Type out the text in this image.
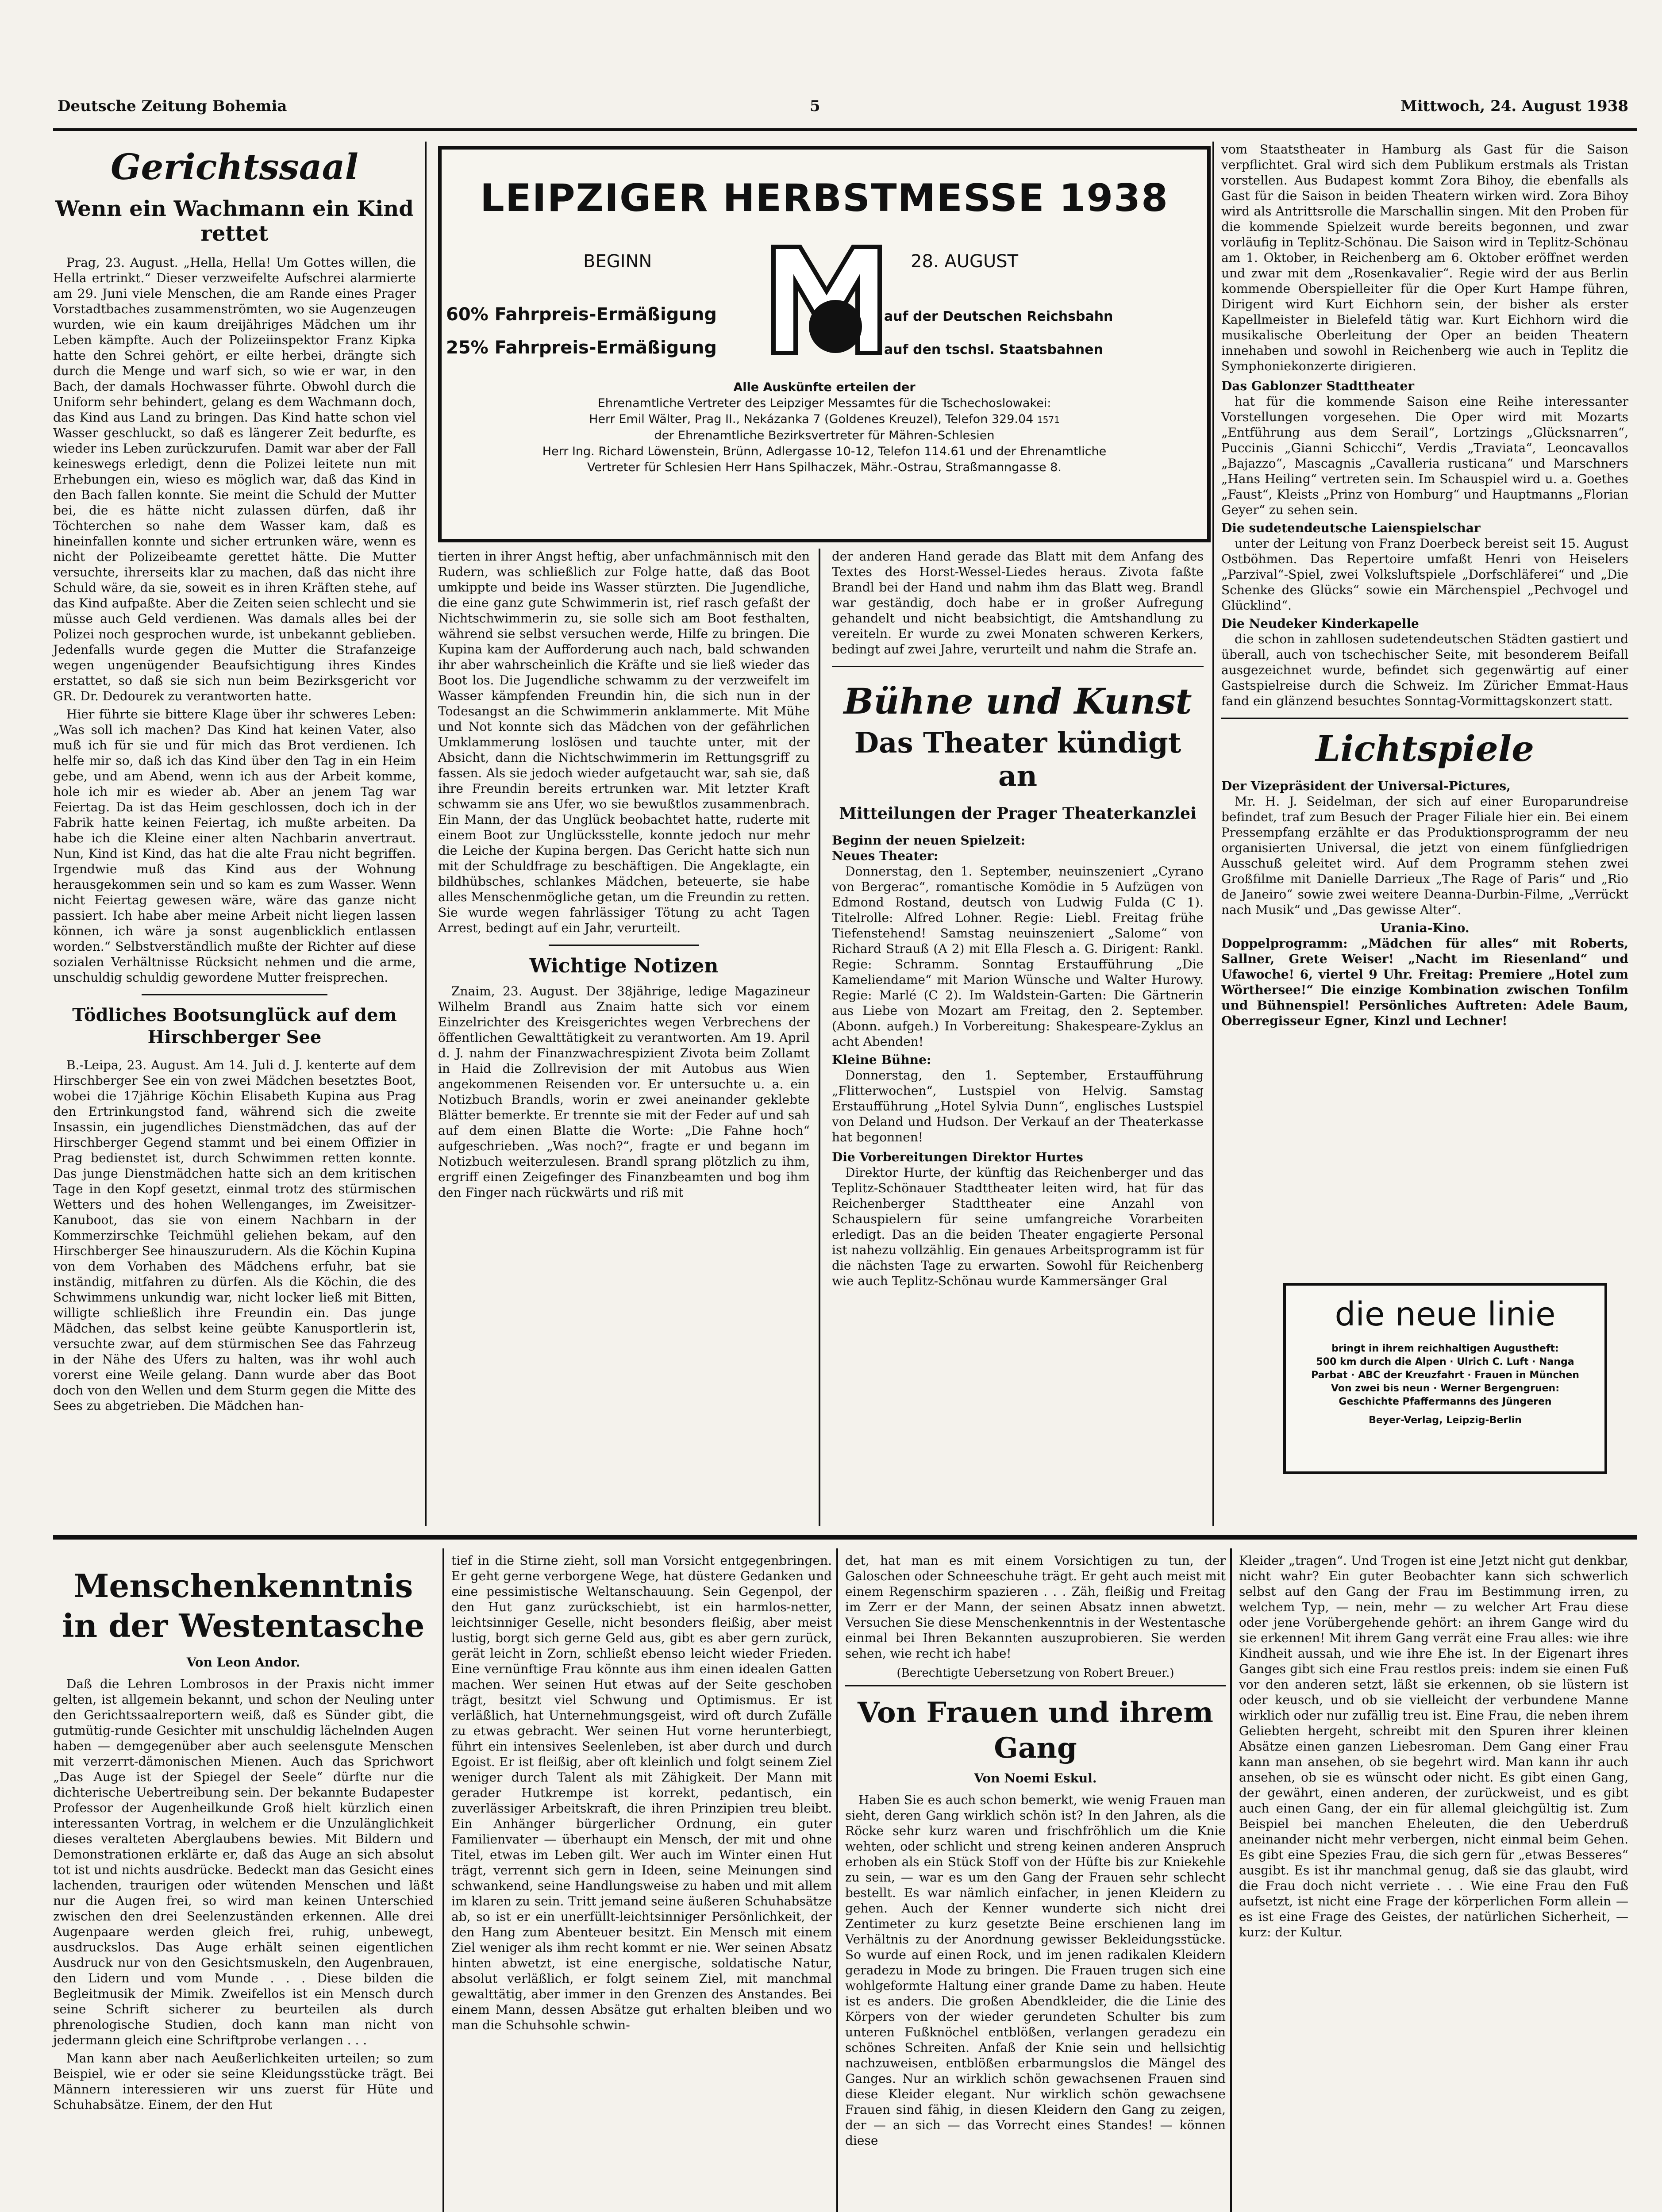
Deutsche Zeitung Bohemia	5	Mittwoch, 24. August 1938
Gerichtssaal
Wenn ein Wachmann ein Kind rettet

Prag, 23. August. „Hella, Hella! Um Gottes willen, die Hella ertrinkt.“ Dieser verzweifelte Aufschrei alarmierte am 29. Juni viele Menschen, die am Rande eines Prager Vorstadtbaches zusammenströmten, wo sie Augenzeugen wurden, wie ein kaum dreijähriges Mädchen um ihr Leben kämpfte. Auch der Polizeiinspektor Franz Kipka hatte den Schrei gehört, er eilte herbei, drängte sich durch die Menge und warf sich, so wie er war, in den Bach, der damals Hochwasser führte. Obwohl durch die Uniform sehr behindert, gelang es dem Wachmann doch, das Kind aus Land zu bringen. Das Kind hatte schon viel Wasser geschluckt, so daß es längerer Zeit bedurfte, es wieder ins Leben zurückzurufen. Damit war aber der Fall keineswegs erledigt, denn die Polizei leitete nun mit Erhebungen ein, wieso es möglich war, daß das Kind in den Bach fallen konnte. Sie meint die Schuld der Mutter bei, die es hätte nicht zulassen dürfen, daß ihr Töchterchen so nahe dem Wasser kam, daß es hineinfallen konnte und sicher ertrunken wäre, wenn es nicht der Polizeibeamte gerettet hätte. Die Mutter versuchte, ihrerseits klar zu machen, daß das nicht ihre Schuld wäre, da sie, soweit es in ihren Kräften stehe, auf das Kind aufpaßte. Aber die Zeiten seien schlecht und sie müsse auch Geld verdienen. Was damals alles bei der Polizei noch gesprochen wurde, ist unbekannt geblieben. Jedenfalls wurde gegen die Mutter die Strafanzeige wegen ungenügender Beaufsichtigung ihres Kindes erstattet, so daß sie sich nun beim Bezirksgericht vor GR. Dr. Dedourek zu verantworten hatte.

Hier führte sie bittere Klage über ihr schweres Leben: „Was soll ich machen? Das Kind hat keinen Vater, also muß ich für sie und für mich das Brot verdienen. Ich helfe mir so, daß ich das Kind über den Tag in ein Heim gebe, und am Abend, wenn ich aus der Arbeit komme, hole ich mir es wieder ab. Aber an jenem Tag war Feiertag. Da ist das Heim geschlossen, doch ich in der Fabrik hatte keinen Feiertag, ich mußte arbeiten. Da habe ich die Kleine einer alten Nachbarin anvertraut. Nun, Kind ist Kind, das hat die alte Frau nicht begriffen. Irgendwie muß das Kind aus der Wohnung herausgekommen sein und so kam es zum Wasser. Wenn nicht Feiertag gewesen wäre, wäre das ganze nicht passiert. Ich habe aber meine Arbeit nicht liegen lassen können, ich wäre ja sonst augenblicklich entlassen worden.“ Selbstverständlich mußte der Richter auf diese sozialen Verhältnisse Rücksicht nehmen und die arme, unschuldig schuldig gewordene Mutter freisprechen.

Tödliches Bootsunglück auf dem Hirschberger See

B.-Leipa, 23. August. Am 14. Juli d. J. kenterte auf dem Hirschberger See ein von zwei Mädchen besetztes Boot, wobei die 17jährige Köchin Elisabeth Kupina aus Prag den Ertrinkungstod fand, während sich die zweite Insassin, ein jugendliches Dienstmädchen, das auf der Hirschberger Gegend stammt und bei einem Offizier in Prag bedienstet ist, durch Schwimmen retten konnte. Das junge Dienstmädchen hatte sich an dem kritischen Tage in den Kopf gesetzt, einmal trotz des stürmischen Wetters und des hohen Wellenganges, im Zweisitzer-Kanuboot, das sie von einem Nachbarn in der Kommerzirschke Teichmühl geliehen bekam, auf den Hirschberger See hinauszurudern. Als die Köchin Kupina von dem Vorhaben des Mädchens erfuhr, bat sie inständig, mitfahren zu dürfen. Als die Köchin, die des Schwimmens unkundig war, nicht locker ließ mit Bitten, willigte schließlich ihre Freundin ein. Das junge Mädchen, das selbst keine geübte Kanusportlerin ist, versuchte zwar, auf dem stürmischen See das Fahrzeug in der Nähe des Ufers zu halten, was ihr wohl auch vorerst eine Weile gelang. Dann wurde aber das Boot doch von den Wellen und dem Sturm gegen die Mitte des Sees zu abgetrieben. Die Mädchen han-

LEIPZIGER HERBSTMESSE 1938
BEGINN	28. AUGUST
60% Fahrpreis-Ermäßigung	auf der Deutschen Reichsbahn
25% Fahrpreis-Ermäßigung	auf den tschsl. Staatsbahnen
Alle Auskünfte erteilen der
Ehrenamtliche Vertreter des Leipziger Messamtes für die Tschechoslowakei:
Herr Emil Wälter, Prag II., Nekázanka 7 (Goldenes Kreuzel), Telefon 329.04 1571
der Ehrenamtliche Bezirksvertreter für Mähren-Schlesien
Herr Ing. Richard Löwenstein, Brünn, Adlergasse 10-12, Telefon 114.61 und der Ehrenamtliche
Vertreter für Schlesien Herr Hans Spilhaczek, Mähr.-Ostrau, Straßmanngasse 8.

tierten in ihrer Angst heftig, aber unfachmännisch mit den Rudern, was schließlich zur Folge hatte, daß das Boot umkippte und beide ins Wasser stürzten. Die Jugendliche, die eine ganz gute Schwimmerin ist, rief rasch gefaßt der Nichtschwimmerin zu, sie solle sich am Boot festhalten, während sie selbst versuchen werde, Hilfe zu bringen. Die Kupina kam der Aufforderung auch nach, bald schwanden ihr aber wahrscheinlich die Kräfte und sie ließ wieder das Boot los. Die Jugendliche schwamm zu der verzweifelt im Wasser kämpfenden Freundin hin, die sich nun in der Todesangst an die Schwimmerin anklammerte. Mit Mühe und Not konnte sich das Mädchen von der gefährlichen Umklammerung loslösen und tauchte unter, mit der Absicht, dann die Nichtschwimmerin im Rettungsgriff zu fassen. Als sie jedoch wieder aufgetaucht war, sah sie, daß ihre Freundin bereits ertrunken war. Mit letzter Kraft schwamm sie ans Ufer, wo sie bewußtlos zusammenbrach. Ein Mann, der das Unglück beobachtet hatte, ruderte mit einem Boot zur Unglücksstelle, konnte jedoch nur mehr die Leiche der Kupina bergen. Das Gericht hatte sich nun mit der Schuldfrage zu beschäftigen. Die Angeklagte, ein bildhübsches, schlankes Mädchen, beteuerte, sie habe alles Menschenmögliche getan, um die Freundin zu retten. Sie wurde wegen fahrlässiger Tötung zu acht Tagen Arrest, bedingt auf ein Jahr, verurteilt.

Wichtige Notizen

Znaim, 23. August. Der 38jährige, ledige Magazineur Wilhelm Brandl aus Znaim hatte sich vor einem Einzelrichter des Kreisgerichtes wegen Verbrechens der öffentlichen Gewalttätigkeit zu verantworten. Am 19. April d. J. nahm der Finanzwachrespizient Zivota beim Zollamt in Haid die Zollrevision der mit Autobus aus Wien angekommenen Reisenden vor. Er untersuchte u. a. ein Notizbuch Brandls, worin er zwei aneinander geklebte Blätter bemerkte. Er trennte sie mit der Feder auf und sah auf dem einen Blatte die Worte: „Die Fahne hoch“ aufgeschrieben. „Was noch?“, fragte er und begann im Notizbuch weiterzulesen. Brandl sprang plötzlich zu ihm, ergriff einen Zeigefinger des Finanzbeamten und bog ihm den Finger nach rückwärts und riß mit

der anderen Hand gerade das Blatt mit dem Anfang des Textes des Horst-Wessel-Liedes heraus. Zivota faßte Brandl bei der Hand und nahm ihm das Blatt weg. Brandl war geständig, doch habe er in großer Aufregung gehandelt und nicht beabsichtigt, die Amtshandlung zu vereiteln. Er wurde zu zwei Monaten schweren Kerkers, bedingt auf zwei Jahre, verurteilt und nahm die Strafe an.

Bühne und Kunst
Das Theater kündigt an
Mitteilungen der Prager Theaterkanzlei
Beginn der neuen Spielzeit:
Neues Theater:

Donnerstag, den 1. September, neuinszeniert „Cyrano von Bergerac“, romantische Komödie in 5 Aufzügen von Edmond Rostand, deutsch von Ludwig Fulda (C 1). Titelrolle: Alfred Lohner. Regie: Liebl. Freitag frühe Tiefenstehend! Samstag neuinszeniert „Salome“ von Richard Strauß (A 2) mit Ella Flesch a. G. Dirigent: Rankl. Regie: Schramm. Sonntag Erstaufführung „Die Kameliendame“ mit Marion Wünsche und Walter Hurowy. Regie: Marlé (C 2). Im Waldstein-Garten: Die Gärtnerin aus Liebe von Mozart am Freitag, den 2. September. (Abonn. aufgeh.) In Vorbereitung: Shakespeare-Zyklus an acht Abenden!

Kleine Bühne:

Donnerstag, den 1. September, Erstaufführung „Flitterwochen“, Lustspiel von Helvig. Samstag Erstaufführung „Hotel Sylvia Dunn“, englisches Lustspiel von Deland und Hudson. Der Verkauf an der Theaterkasse hat begonnen!

Die Vorbereitungen Direktor Hurtes

Direktor Hurte, der künftig das Reichenberger und das Teplitz-Schönauer Stadttheater leiten wird, hat für das Reichenberger Stadttheater eine Anzahl von Schauspielern für seine umfangreiche Vorarbeiten erledigt. Das an die beiden Theater engagierte Personal ist nahezu vollzählig. Ein genaues Arbeitsprogramm ist für die nächsten Tage zu erwarten. Sowohl für Reichenberg wie auch Teplitz-Schönau wurde Kammersänger Gral

vom Staatstheater in Hamburg als Gast für die Saison verpflichtet. Gral wird sich dem Publikum erstmals als Tristan vorstellen. Aus Budapest kommt Zora Bihoy, die ebenfalls als Gast für die Saison in beiden Theatern wirken wird. Zora Bihoy wird als Antrittsrolle die Marschallin singen. Mit den Proben für die kommende Spielzeit wurde bereits begonnen, und zwar vorläufig in Teplitz-Schönau. Die Saison wird in Teplitz-Schönau am 1. Oktober, in Reichenberg am 6. Oktober eröffnet werden und zwar mit dem „Rosenkavalier“. Regie wird der aus Berlin kommende Oberspielleiter für die Oper Kurt Hampe führen, Dirigent wird Kurt Eichhorn sein, der bisher als erster Kapellmeister in Bielefeld tätig war. Kurt Eichhorn wird die musikalische Oberleitung der Oper an beiden Theatern innehaben und sowohl in Reichenberg wie auch in Teplitz die Symphoniekonzerte dirigieren.

Das Gablonzer Stadttheater

hat für die kommende Saison eine Reihe interessanter Vorstellungen vorgesehen. Die Oper wird mit Mozarts „Entführung aus dem Serail“, Lortzings „Glücksnarren“, Puccinis „Gianni Schicchi“, Verdis „Traviata“, Leoncavallos „Bajazzo“, Mascagnis „Cavalleria rusticana“ und Marschners „Hans Heiling“ vertreten sein. Im Schauspiel wird u. a. Goethes „Faust“, Kleists „Prinz von Homburg“ und Hauptmanns „Florian Geyer“ zu sehen sein.

Die sudetendeutsche Laienspielschar

unter der Leitung von Franz Doerbeck bereist seit 15. August Ostböhmen. Das Repertoire umfaßt Henri von Heiselers „Parzival“-Spiel, zwei Volksluftspiele „Dorfschläferei“ und „Die Schenke des Glücks“ sowie ein Märchenspiel „Pechvogel und Glücklind“.

Die Neudeker Kinderkapelle

die schon in zahllosen sudetendeutschen Städten gastiert und überall, auch von tschechischer Seite, mit besonderem Beifall ausgezeichnet wurde, befindet sich gegenwärtig auf einer Gastspielreise durch die Schweiz. Im Züricher Emmat-Haus fand ein glänzend besuchtes Sonntag-Vormittagskonzert statt.

Lichtspiele
Der Vizepräsident der Universal-Pictures,

Mr. H. J. Seidelman, der sich auf einer Europarundreise befindet, traf zum Besuch der Prager Filiale hier ein. Bei einem Pressempfang erzählte er das Produktionsprogramm der neu organisierten Universal, die jetzt von einem fünfgliedrigen Ausschuß geleitet wird. Auf dem Programm stehen zwei Großfilme mit Danielle Darrieux „The Rage of Paris“ und „Rio de Janeiro“ sowie zwei weitere Deanna-Durbin-Filme, „Verrückt nach Musik“ und „Das gewisse Alter“.

Urania-Kino.

Doppelprogramm: „Mädchen für alles“ mit Roberts, Sallner, Grete Weiser! „Nacht im Riesenland“ und Ufawoche! 6, viertel 9 Uhr. Freitag: Premiere „Hotel zum Wörthersee!“ Die einzige Kombination zwischen Tonfilm und Bühnenspiel! Persönliches Auftreten: Adele Baum, Oberregisseur Egner, Kinzl und Lechner!

die neue linie
bringt in ihrem reichhaltigen Augustheft:
500 km durch die Alpen · Ulrich C. Luft · Nanga
Parbat · ABC der Kreuzfahrt · Frauen in München
Von zwei bis neun · Werner Bergengruen:
Geschichte Pfaffermanns des Jüngeren
Beyer-Verlag, Leipzig-Berlin
Menschenkenntnis in der Westentasche
Von Leon Andor.

Daß die Lehren Lombrosos in der Praxis nicht immer gelten, ist allgemein bekannt, und schon der Neuling unter den Gerichtssaalreportern weiß, daß es Sünder gibt, die gutmütig-runde Gesichter mit unschuldig lächelnden Augen haben — demgegenüber aber auch seelensgute Menschen mit verzerrt-dämonischen Mienen. Auch das Sprichwort „Das Auge ist der Spiegel der Seele“ dürfte nur die dichterische Uebertreibung sein. Der bekannte Budapester Professor der Augenheilkunde Groß hielt kürzlich einen interessanten Vortrag, in welchem er die Unzulänglichkeit dieses veralteten Aberglaubens bewies. Mit Bildern und Demonstrationen erklärte er, daß das Auge an sich absolut tot ist und nichts ausdrücke. Bedeckt man das Gesicht eines lachenden, traurigen oder wütenden Menschen und läßt nur die Augen frei, so wird man keinen Unterschied zwischen den drei Seelenzuständen erkennen. Alle drei Augenpaare werden gleich frei, ruhig, unbewegt, ausdruckslos. Das Auge erhält seinen eigentlichen Ausdruck nur von den Gesichtsmuskeln, den Augenbrauen, den Lidern und vom Munde . . . Diese bilden die Begleitmusik der Mimik. Zweifellos ist ein Mensch durch seine Schrift sicherer zu beurteilen als durch phrenologische Studien, doch kann man nicht von jedermann gleich eine Schriftprobe verlangen . . .

Man kann aber nach Aeußerlichkeiten urteilen; so zum Beispiel, wie er oder sie seine Kleidungsstücke trägt. Bei Männern interessieren wir uns zuerst für Hüte und Schuhabsätze. Einem, der den Hut

tief in die Stirne zieht, soll man Vorsicht entgegenbringen. Er geht gerne verborgene Wege, hat düstere Gedanken und eine pessimistische Weltanschauung. Sein Gegenpol, der den Hut ganz zurückschiebt, ist ein harmlos-netter, leichtsinniger Geselle, nicht besonders fleißig, aber meist lustig, borgt sich gerne Geld aus, gibt es aber gern zurück, gerät leicht in Zorn, schließt ebenso leicht wieder Frieden. Eine vernünftige Frau könnte aus ihm einen idealen Gatten machen. Wer seinen Hut etwas auf der Seite geschoben trägt, besitzt viel Schwung und Optimismus. Er ist verläßlich, hat Unternehmungsgeist, wird oft durch Zufälle zu etwas gebracht. Wer seinen Hut vorne herunterbiegt, führt ein intensives Seelenleben, ist aber durch und durch Egoist. Er ist fleißig, aber oft kleinlich und folgt seinem Ziel weniger durch Talent als mit Zähigkeit. Der Mann mit gerader Hutkrempe ist korrekt, pedantisch, ein zuverlässiger Arbeitskraft, die ihren Prinzipien treu bleibt. Ein Anhänger bürgerlicher Ordnung, ein guter Familienvater — überhaupt ein Mensch, der mit und ohne Titel, etwas im Leben gilt. Wer auch im Winter einen Hut trägt, verrennt sich gern in Ideen, seine Meinungen sind schwankend, seine Handlungsweise zu haben und mit allem im klaren zu sein. Tritt jemand seine äußeren Schuhabsätze ab, so ist er ein unerfüllt-leichtsinniger Persönlichkeit, der den Hang zum Abenteuer besitzt. Ein Mensch mit einem Ziel weniger als ihm recht kommt er nie. Wer seinen Absatz hinten abwetzt, ist eine energische, soldatische Natur, absolut verläßlich, er folgt seinem Ziel, mit manchmal gewalttätig, aber immer in den Grenzen des Anstandes. Bei einem Mann, dessen Absätze gut erhalten bleiben und wo man die Schuhsohle schwin-

det, hat man es mit einem Vorsichtigen zu tun, der Galoschen oder Schneeschuhe trägt. Er geht auch meist mit einem Regenschirm spazieren . . . Zäh, fleißig und Freitag im Zerr er der Mann, der seinen Absatz innen abwetzt. Versuchen Sie diese Menschenkenntnis in der Westentasche einmal bei Ihren Bekannten auszuprobieren. Sie werden sehen, wie recht ich habe!

(Berechtigte Uebersetzung von Robert Breuer.)
Von Frauen und ihrem Gang
Von Noemi Eskul.

Haben Sie es auch schon bemerkt, wie wenig Frauen man sieht, deren Gang wirklich schön ist? In den Jahren, als die Röcke sehr kurz waren und frischfröhlich um die Knie wehten, oder schlicht und streng keinen anderen Anspruch erhoben als ein Stück Stoff von der Hüfte bis zur Kniekehle zu sein, — war es um den Gang der Frauen sehr schlecht bestellt. Es war nämlich einfacher, in jenen Kleidern zu gehen. Auch der Kenner wunderte sich nicht drei Zentimeter zu kurz gesetzte Beine erschienen lang im Verhältnis zu der Anordnung gewisser Bekleidungsstücke. So wurde auf einen Rock, und im jenen radikalen Kleidern geradezu in Mode zu bringen. Die Frauen trugen sich eine wohlgeformte Haltung einer grande Dame zu haben. Heute ist es anders. Die großen Abendkleider, die die Linie des Körpers von der wieder gerundeten Schulter bis zum unteren Fußknöchel entblößen, verlangen geradezu ein schönes Schreiten. Anfaß der Knie sein und hellsichtig nachzuweisen, entblößen erbarmungslos die Mängel des Ganges. Nur an wirklich schön gewachsenen Frauen sind diese Kleider elegant. Nur wirklich schön gewachsene Frauen sind fähig, in diesen Kleidern den Gang zu zeigen, der — an sich — das Vorrecht eines Standes! — können diese

Kleider „tragen“. Und Trogen ist eine Jetzt nicht gut denkbar, nicht wahr? Ein guter Beobachter kann sich schwerlich selbst auf den Gang der Frau im Bestimmung irren, zu welchem Typ, — nein, mehr — zu welcher Art Frau diese oder jene Vorübergehende gehört: an ihrem Gange wird du sie erkennen! Mit ihrem Gang verrät eine Frau alles: wie ihre Kindheit aussah, und wie ihre Ehe ist. In der Eigenart ihres Ganges gibt sich eine Frau restlos preis: indem sie einen Fuß vor den anderen setzt, läßt sie erkennen, ob sie lüstern ist oder keusch, und ob sie vielleicht der verbundene Manne wirklich oder nur zufällig treu ist. Eine Frau, die neben ihrem Geliebten hergeht, schreibt mit den Spuren ihrer kleinen Absätze einen ganzen Liebesroman. Dem Gang einer Frau kann man ansehen, ob sie begehrt wird. Man kann ihr auch ansehen, ob sie es wünscht oder nicht. Es gibt einen Gang, der gewährt, einen anderen, der zurückweist, und es gibt auch einen Gang, der ein für allemal gleichgültig ist. Zum Beispiel bei manchen Eheleuten, die den Ueberdruß aneinander nicht mehr verbergen, nicht einmal beim Gehen. Es gibt eine Spezies Frau, die sich gern für „etwas Besseres“ ausgibt. Es ist ihr manchmal genug, daß sie das glaubt, wird die Frau doch nicht verriete . . . Wie eine Frau den Fuß aufsetzt, ist nicht eine Frage der körperlichen Form allein — es ist eine Frage des Geistes, der natürlichen Sicherheit, — kurz: der Kultur.
